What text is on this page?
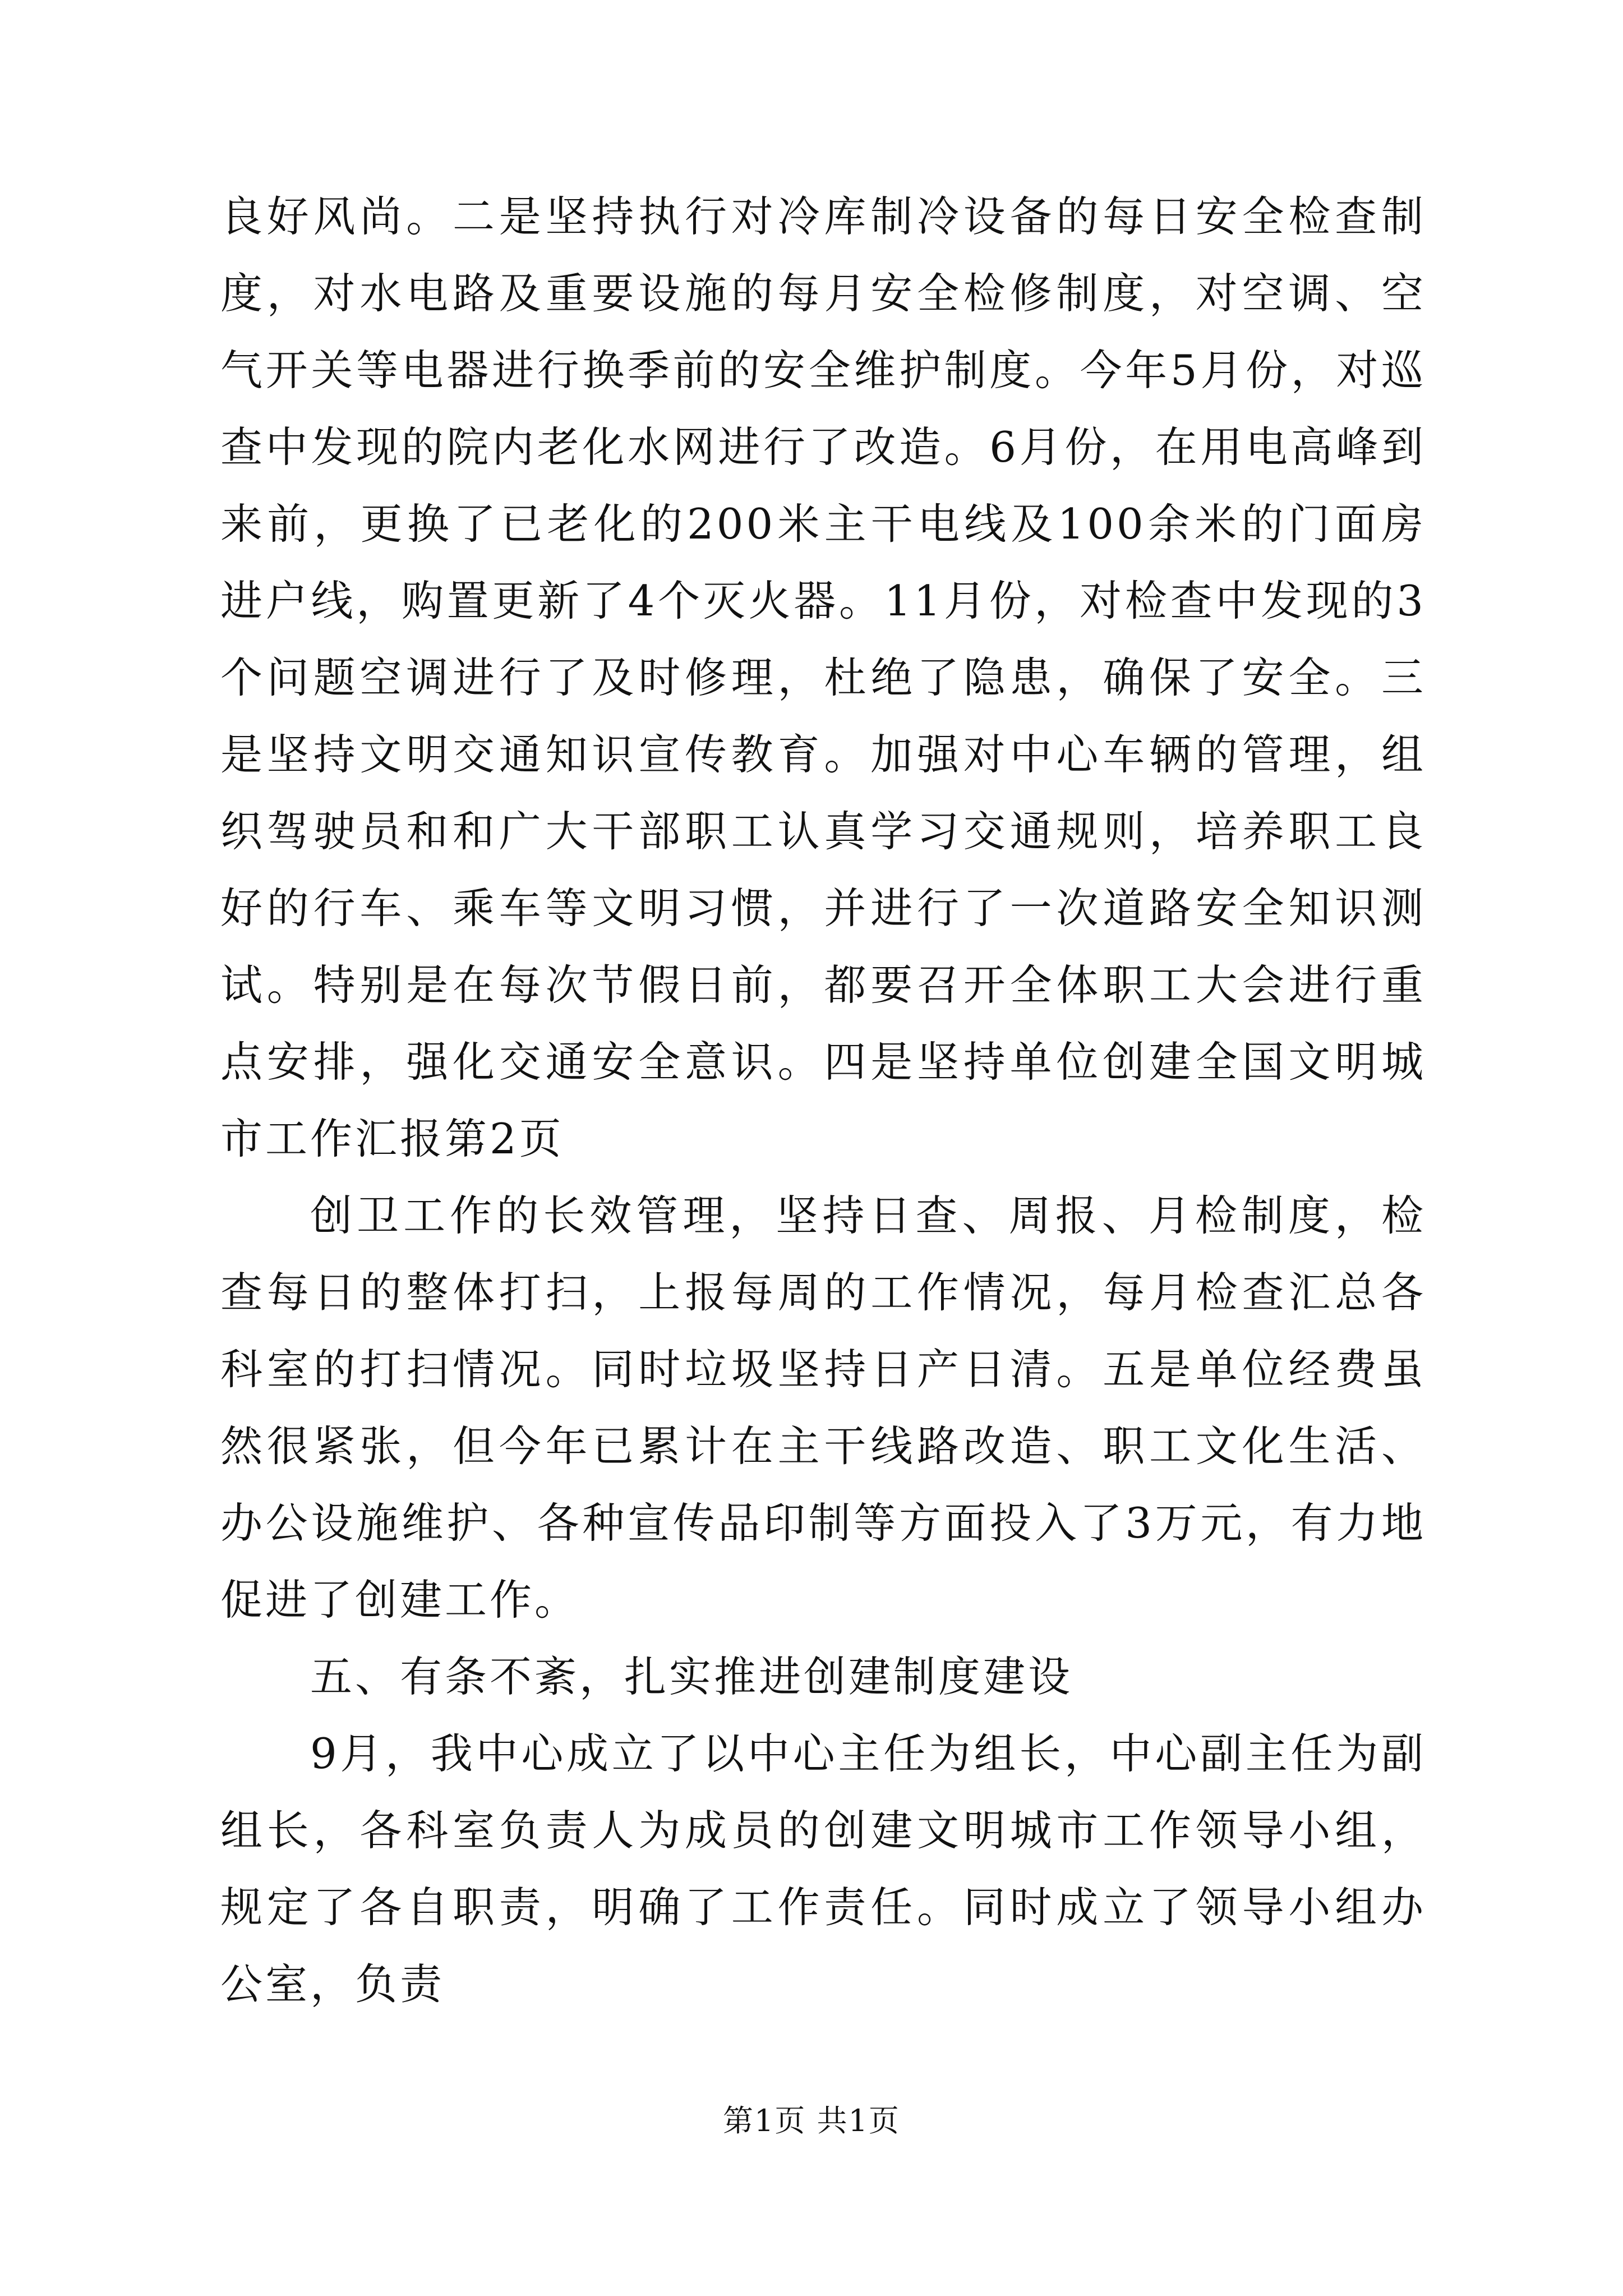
良好风尚。二是坚持执行对冷库制冷设备的每日安全检查制度，对水电路及重要设施的每月安全检修制度，对空调、空气开关等电器进行换季前的安全维护制度。今年5月份，对巡查中发现的院内老化水网进行了改造。6月份，在用电高峰到来前，更换了已老化的200米主干电线及100余米的门面房进户线，购置更新了4个灭火器。11月份，对检查中发现的3个问题空调进行了及时修理，杜绝了隐患，确保了安全。三是坚持文明交通知识宣传教育。加强对中心车辆的管理，组织驾驶员和和广大干部职工认真学习交通规则，培养职工良好的行车、乘车等文明习惯，并进行了一次道路安全知识测试。特别是在每次节假日前，都要召开全体职工大会进行重点安排，强化交通安全意识。四是坚持单位创建全国文明城市工作汇报第2页

创卫工作的长效管理，坚持日查、周报、月检制度，检查每日的整体打扫，上报每周的工作情况，每月检查汇总各科室的打扫情况。同时垃圾坚持日产日清。五是单位经费虽然很紧张，但今年已累计在主干线路改造、职工文化生活、办公设施维护、各种宣传品印制等方面投入了3万元，有力地促进了创建工作。

五、有条不紊，扎实推进创建制度建设

9月，我中心成立了以中心主任为组长，中心副主任为副组长，各科室负责人为成员的创建文明城市工作领导小组，规定了各自职责，明确了工作责任。同时成立了领导小组办公室，负责

第1页 共1页
